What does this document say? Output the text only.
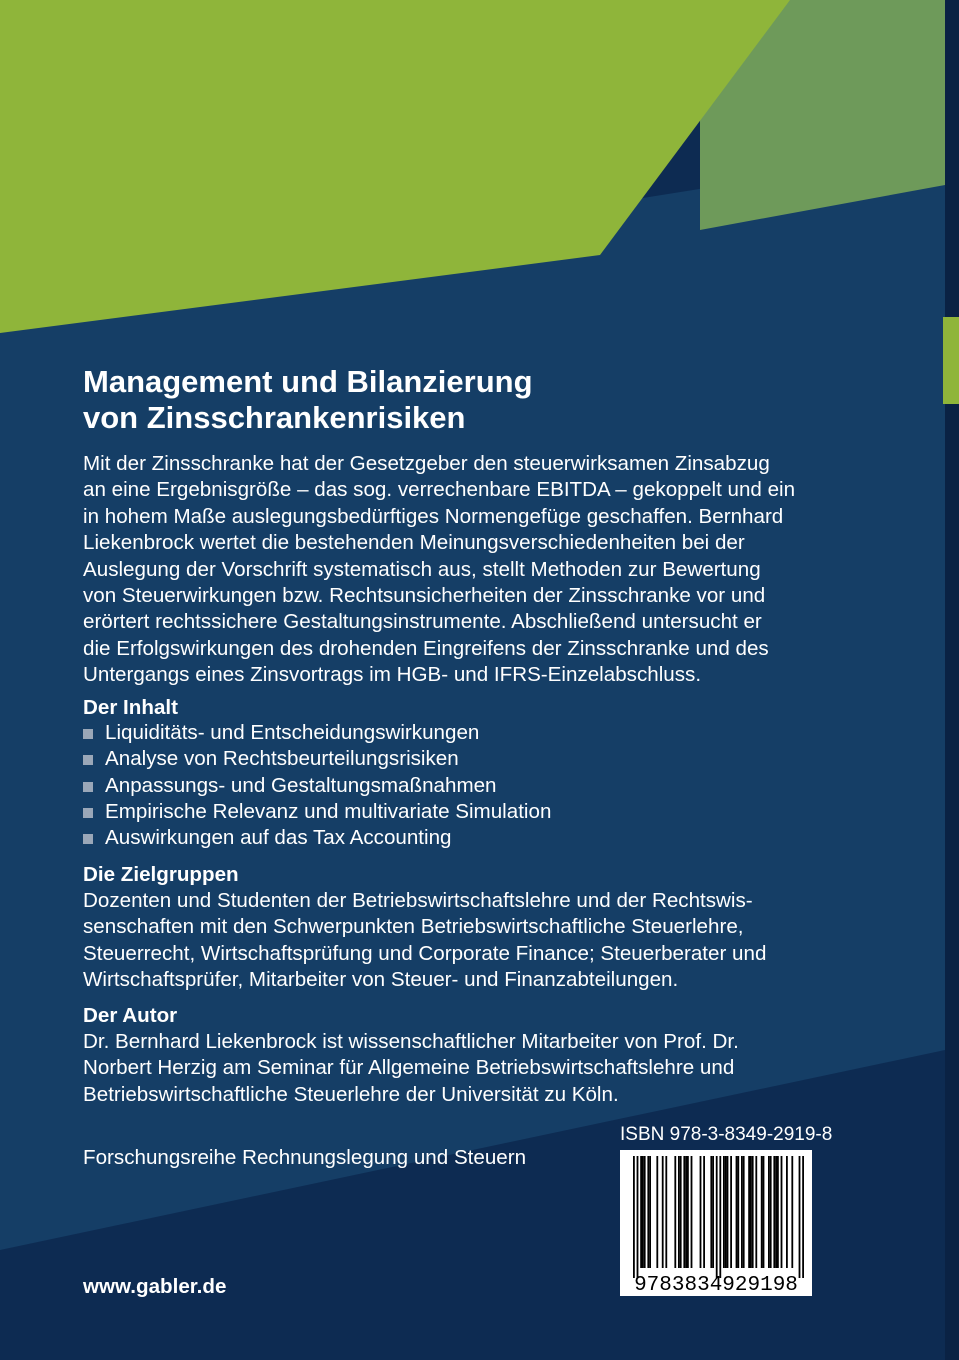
Management und Bilanzierung
von Zinsschrankenrisiken
Mit der Zinsschranke hat der Gesetzgeber den steuerwirksamen Zinsabzug
an eine Ergebnisgröße – das sog. verrechenbare EBITDA – gekoppelt und ein
in hohem Maße auslegungsbedürftiges Normengefüge geschaffen. Bernhard
Liekenbrock wertet die bestehenden Meinungsverschiedenheiten bei der
Auslegung der Vorschrift systematisch aus, stellt Methoden zur Bewertung
von Steuerwirkungen bzw. Rechtsunsicherheiten der Zinsschranke vor und
erörtert rechtssichere Gestaltungsinstrumente. Abschließend untersucht er
die Erfolgswirkungen des drohenden Eingreifens der Zinsschranke und des
Untergangs eines Zinsvortrags im HGB- und IFRS-Einzelabschluss.
Der Inhalt
Liquiditäts- und Entscheidungswirkungen
Analyse von Rechtsbeurteilungsrisiken
Anpassungs- und Gestaltungsmaßnahmen
Empirische Relevanz und multivariate Simulation
Auswirkungen auf das Tax Accounting
Die Zielgruppen
Dozenten und Studenten der Betriebswirtschaftslehre und der Rechtswis-
senschaften mit den Schwerpunkten Betriebswirtschaftliche Steuerlehre,
Steuerrecht, Wirtschaftsprüfung und Corporate Finance; Steuerberater und
Wirtschaftsprüfer, Mitarbeiter von Steuer- und Finanzabteilungen.
Der Autor
Dr. Bernhard Liekenbrock ist wissenschaftlicher Mitarbeiter von Prof. Dr.
Norbert Herzig am Seminar für Allgemeine Betriebswirtschaftslehre und
Betriebswirtschaftliche Steuerlehre der Universität zu Köln.
Forschungsreihe Rechnungslegung und Steuern
www.gabler.de
ISBN 978-3-8349-2919-8
9783834929198
